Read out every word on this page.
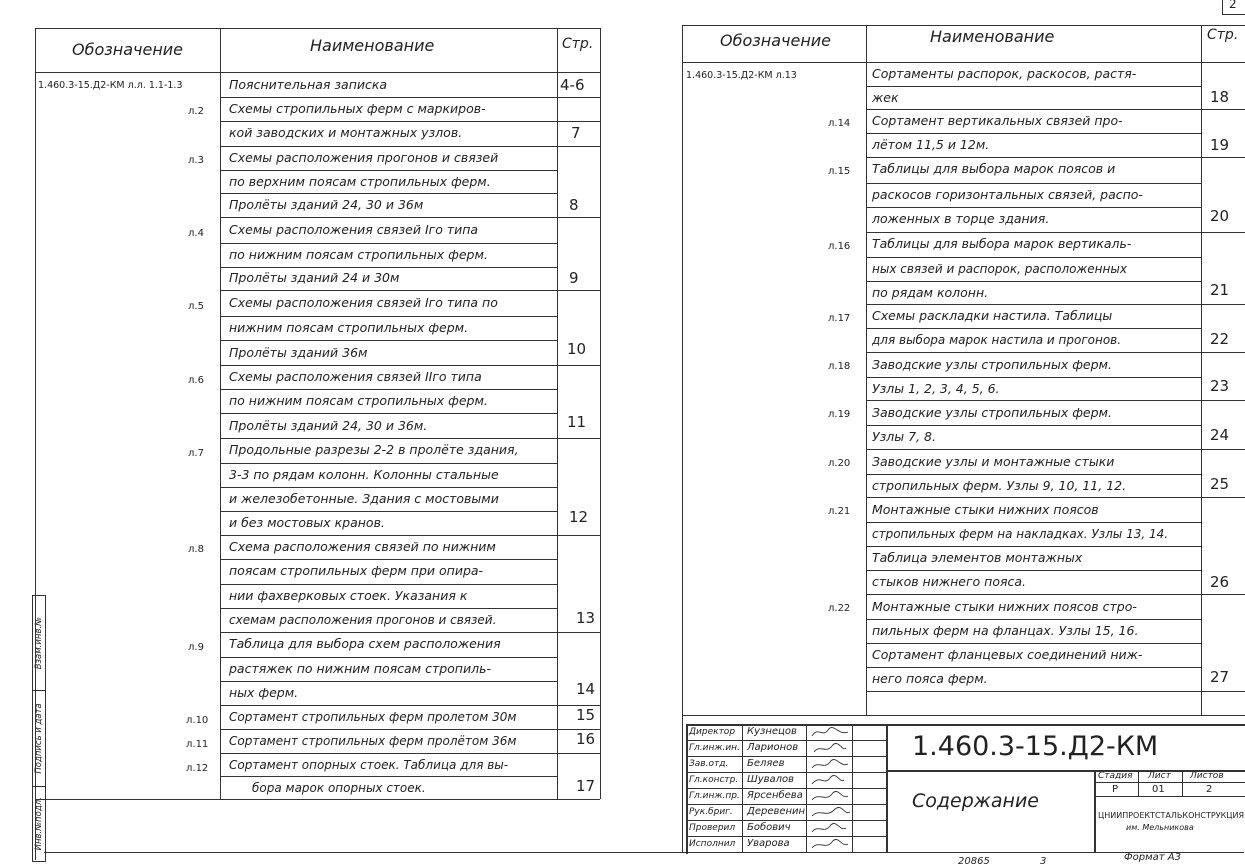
2
Инв.№подл.
Подпись и дата
Взам.инв.№
Обозначение	Наименование	Стр.
1.460.3-15.Д2-КМ л.л. 1.1-1.3	Пояснительная записка	4-6
л.2 Схемы стропильных ферм с маркиров-
кой заводских и монтажных узлов.	7
л.3 Схемы расположения прогонов и связей
по верхним поясам стропильных ферм.
Пролёты зданий 24, 30 и 36м	8
л.4 Схемы расположения связей Iго типа
по нижним поясам стропильных ферм.
Пролёты зданий 24 и 30м	9
л.5 Схемы расположения связей Iго типа по
нижним поясам стропильных ферм.
Пролёты зданий 36м	10
л.6 Схемы расположения связей IIго типа
по нижним поясам стропильных ферм.
Пролёты зданий 24, 30 и 36м.	11
л.7 Продольные разрезы 2-2 в пролёте здания,
3-3 по рядам колонн. Колонны стальные
и железобетонные. Здания с мостовыми
и без мостовых кранов.	12
л.8 Схема расположения связей по нижним
поясам стропильных ферм при опира-
нии фахверковых стоек. Указания к
схемам расположения прогонов и связей.	13
л.9 Таблица для выбора схем расположения
растяжек по нижним поясам стропиль-
ных ферм.	14
л.10 Сортамент стропильных ферм пролетом 30м	15
л.11 Сортамент стропильных ферм пролётом 36м	16
л.12 Сортамент опорных стоек. Таблица для вы-
бора марок опорных стоек.	17
Обозначение	Наименование	Стр.
1.460.3-15.Д2-КМ л.13	Сортаменты распорок, раскосов, растя-
жек	18
л.14 Сортамент вертикальных связей про-
лётом 11,5 и 12м.	19
л.15 Таблицы для выбора марок поясов и
раскосов горизонтальных связей, распо-
ложенных в торце здания.	20
л.16 Таблицы для выбора марок вертикаль-
ных связей и распорок, расположенных
по рядам колонн.	21
л.17 Схемы раскладки настила. Таблицы
для выбора марок настила и прогонов.	22
л.18 Заводские узлы стропильных ферм.
Узлы 1, 2, 3, 4, 5, 6.	23
л.19 Заводские узлы стропильных ферм.
Узлы 7, 8.	24
л.20 Заводские узлы и монтажные стыки
стропильных ферм. Узлы 9, 10, 11, 12.	25
л.21 Монтажные стыки нижних поясов
стропильных ферм на накладках. Узлы 13, 14.
Таблица элементов монтажных
стыков нижнего пояса.	26
л.22 Монтажные стыки нижних поясов стро-
пильных ферм на фланцах. Узлы 15, 16.
Сортамент фланцевых соединений ниж-
него пояса ферм.	27
Директор Кузнецов
Гл.инж.ин. Ларионов
Зав.отд. Беляев
Гл.констр. Шувалов
Гл.инж.пр. Ярсенбева
Рук.бриг. Деревенин
Проверил Бобович
Исполнил Уварова
1.460.3-15.Д2-КМ
Содержание
Стадия Лист Листов
Р	01	2
ЦНИИПРОЕКТСТАЛЬКОНСТРУКЦИЯ
им. Мельникова
Формат А3
20865	3
